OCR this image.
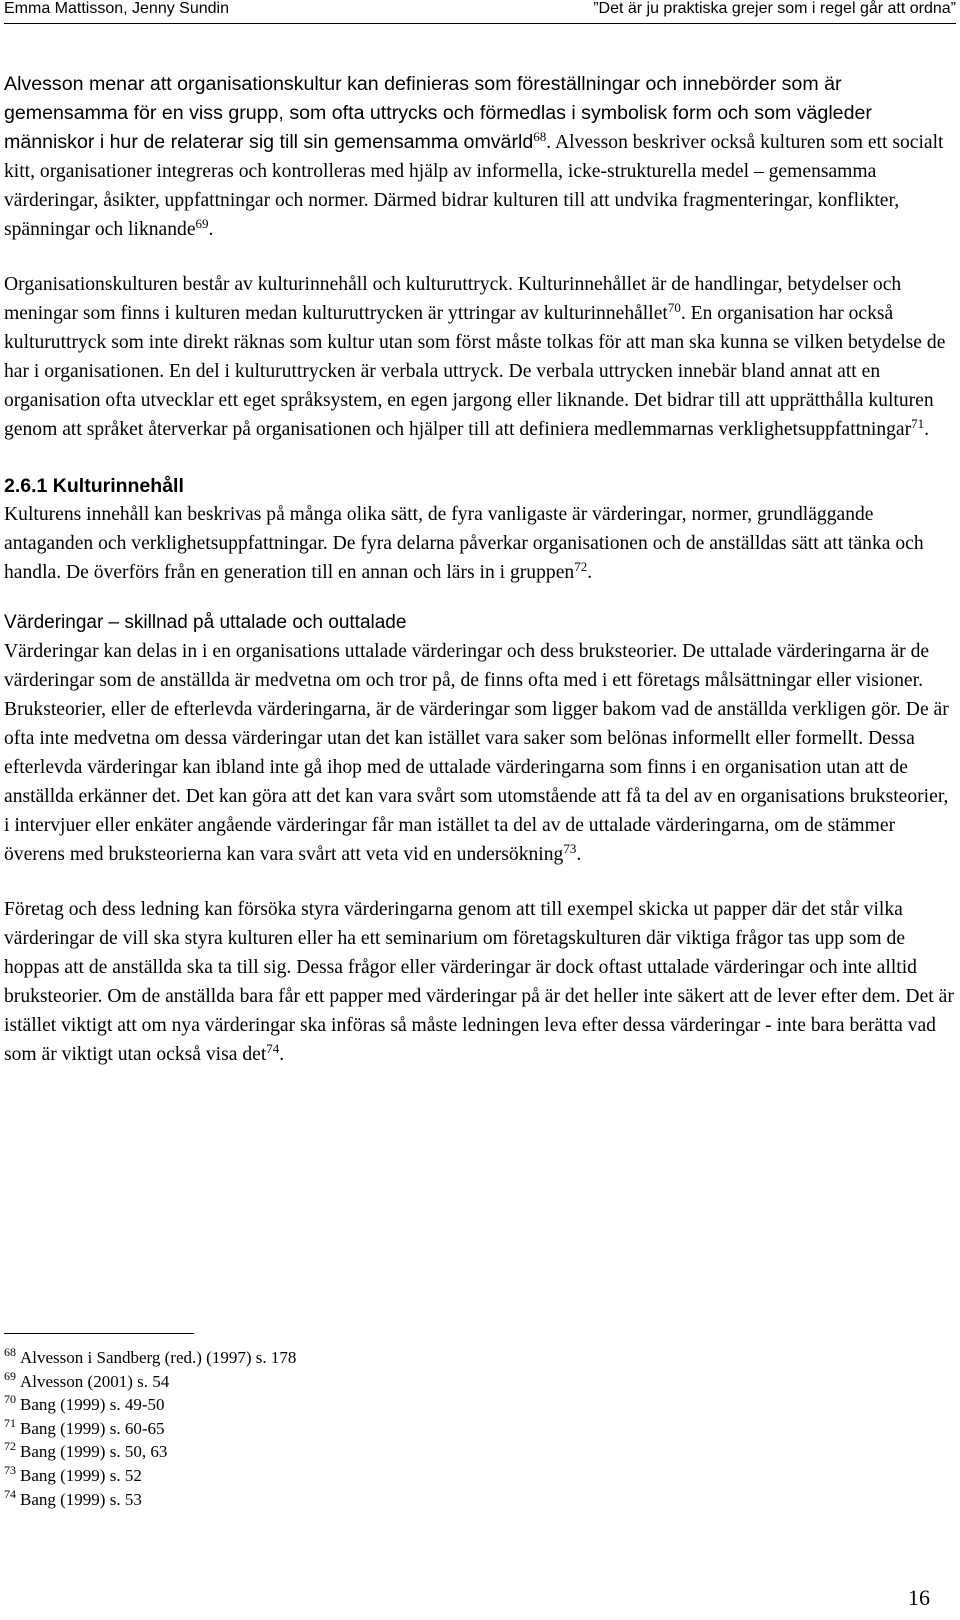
Emma Mattisson, Jenny Sundin	”Det är ju praktiska grejer som i regel går att ordna”

Alvesson menar att organisationskultur kan definieras som föreställningar och innebörder som är gemensamma för en viss grupp, som ofta uttrycks och förmedlas i symbolisk form och som vägleder människor i hur de relaterar sig till sin gemensamma omvärld$^{68}$. Alvesson beskriver också kulturen som ett socialt kitt, organisationer integreras och kontrolleras med hjälp av informella, icke-strukturella medel – gemensamma värderingar, åsikter, uppfattningar och normer. Därmed bidrar kulturen till att undvika fragmenteringar, konflikter, spänningar och liknande$^{69}$.

Organisationskulturen består av kulturinnehåll och kulturuttryck. Kulturinnehållet är de handlingar, betydelser och meningar som finns i kulturen medan kulturuttrycken är yttringar av kulturinnehållet$^{70}$. En organisation har också kulturuttryck som inte direkt räknas som kultur utan som först måste tolkas för att man ska kunna se vilken betydelse de har i organisationen. En del i kulturuttrycken är verbala uttryck. De verbala uttrycken innebär bland annat att en organisation ofta utvecklar ett eget språksystem, en egen jargong eller liknande. Det bidrar till att upprätthålla kulturen genom att språket återverkar på organisationen och hjälper till att definiera medlemmarnas verklighetsuppfattningar$^{71}$.

2.6.1 Kulturinnehåll

Kulturens innehåll kan beskrivas på många olika sätt, de fyra vanligaste är värderingar, normer, grundläggande antaganden och verklighetsuppfattningar. De fyra delarna påverkar organisationen och de anställdas sätt att tänka och handla. De överförs från en generation till en annan och lärs in i gruppen$^{72}$.

Värderingar – skillnad på uttalade och outtalade

Värderingar kan delas in i en organisations uttalade värderingar och dess bruksteorier. De uttalade värderingarna är de värderingar som de anställda är medvetna om och tror på, de finns ofta med i ett företags målsättningar eller visioner. Bruksteorier, eller de efterlevda värderingarna, är de värderingar som ligger bakom vad de anställda verkligen gör. De är ofta inte medvetna om dessa värderingar utan det kan istället vara saker som belönas informellt eller formellt. Dessa efterlevda värderingar kan ibland inte gå ihop med de uttalade värderingarna som finns i en organisation utan att de anställda erkänner det. Det kan göra att det kan vara svårt som utomstående att få ta del av en organisations bruksteorier, i intervjuer eller enkäter angående värderingar får man istället ta del av de uttalade värderingarna, om de stämmer överens med bruksteorierna kan vara svårt att veta vid en undersökning$^{73}$.

Företag och dess ledning kan försöka styra värderingarna genom att till exempel skicka ut papper där det står vilka värderingar de vill ska styra kulturen eller ha ett seminarium om företagskulturen där viktiga frågor tas upp som de hoppas att de anställda ska ta till sig. Dessa frågor eller värderingar är dock oftast uttalade värderingar och inte alltid bruksteorier. Om de anställda bara får ett papper med värderingar på är det heller inte säkert att de lever efter dem. Det är istället viktigt att om nya värderingar ska införas så måste ledningen leva efter dessa värderingar - inte bara berätta vad som är viktigt utan också visa det$^{74}$.

$^{68}$ Alvesson i Sandberg (red.) (1997) s. 178
$^{69}$ Alvesson (2001) s. 54
$^{70}$ Bang (1999) s. 49-50
$^{71}$ Bang (1999) s. 60-65
$^{72}$ Bang (1999) s. 50, 63
$^{73}$ Bang (1999) s. 52
$^{74}$ Bang (1999) s. 53
16
